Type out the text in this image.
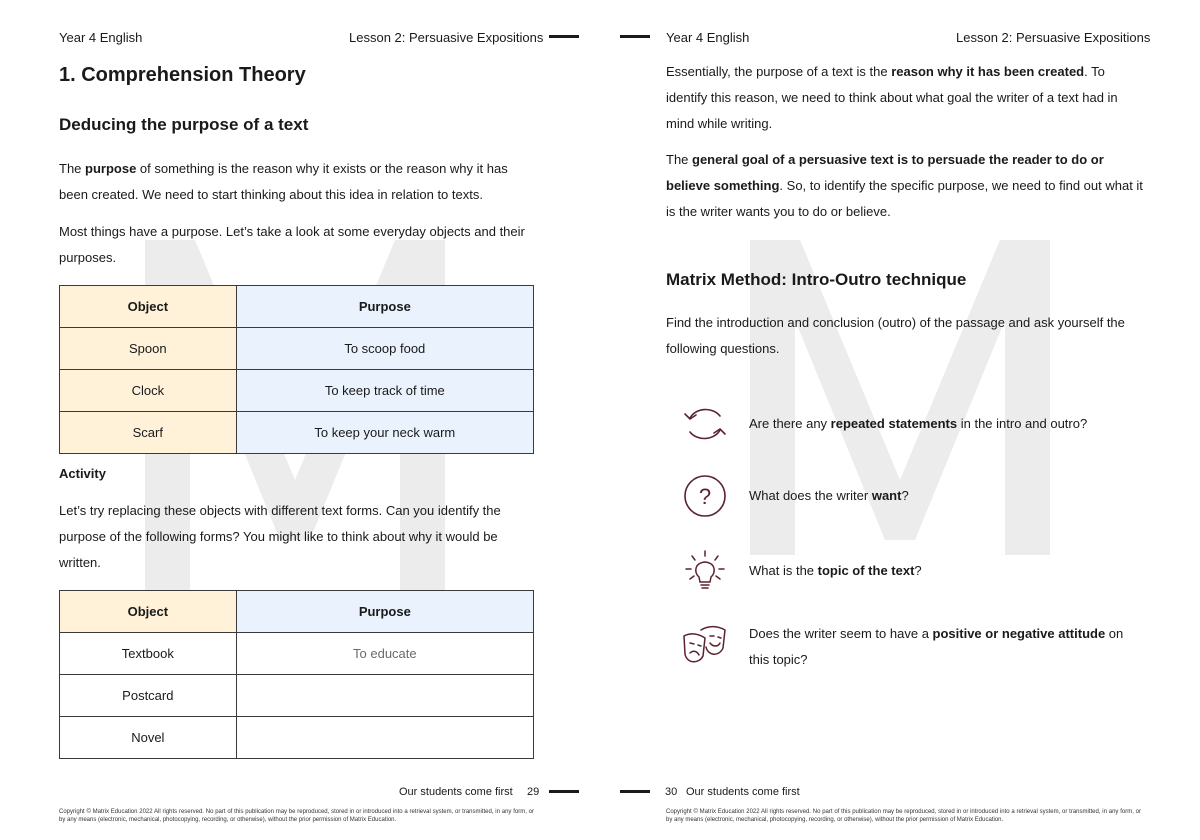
Year 4 English	Lesson 2: Persuasive Expositions
1. Comprehension Theory
Deducing the purpose of a text

The purpose of something is the reason why it exists or the reason why it has been created. We need to start thinking about this idea in relation to texts.

Most things have a purpose. Let’s take a look at some everyday objects and their purposes.

Object	Purpose
Spoon	To scoop food
Clock	To keep track of time
Scarf	To keep your neck warm
Activity

Let’s try replacing these objects with different text forms. Can you identify the purpose of the following forms? You might like to think about why it would be written.

Object	Purpose
Textbook	To educate
Postcard	
Novel	
Our students come first 29
Copyright © Matrix Education 2022 All rights reserved. No part of this publication may be reproduced, stored in or introduced into a retrieval system, or transmitted, in any form, or by any means (electronic, mechanical, photocopying, recording, or otherwise), without the prior permission of Matrix Education.
Year 4 English	Lesson 2: Persuasive Expositions

Essentially, the purpose of a text is the reason why it has been created. To identify this reason, we need to think about what goal the writer of a text had in mind while writing.

The general goal of a persuasive text is to persuade the reader to do or believe something. So, to identify the specific purpose, we need to find out what it is the writer wants you to do or believe.

Matrix Method: Intro-Outro technique

Find the introduction and conclusion (outro) of the passage and ask yourself the following questions.

Are there any repeated statements in the intro and outro?
?	What does the writer want?
What is the topic of the text?
Does the writer seem to have a positive or negative attitude on this topic?
30 Our students come first
Copyright © Matrix Education 2022 All rights reserved. No part of this publication may be reproduced, stored in or introduced into a retrieval system, or transmitted, in any form, or by any means (electronic, mechanical, photocopying, recording, or otherwise), without the prior permission of Matrix Education.
